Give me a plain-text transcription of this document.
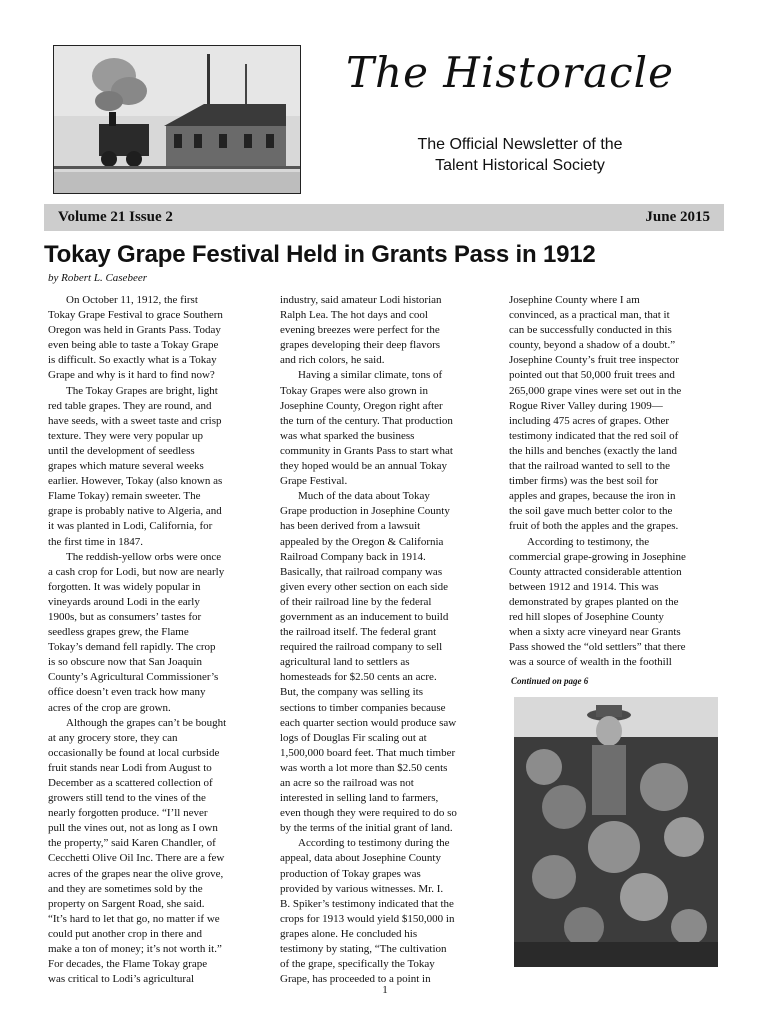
The Historacle
The Official Newsletter of the
Talent Historical Society
Volume 21 Issue 2	June 2015
Tokay Grape Festival Held in Grants Pass in 1912
by Robert L. Casebeer
On October 11, 1912, the first
Tokay Grape Festival to grace Southern
Oregon was held in Grants Pass. Today
even being able to taste a Tokay Grape
is difficult. So exactly what is a Tokay
Grape and why is it hard to find now?
The Tokay Grapes are bright, light
red table grapes. They are round, and
have seeds, with a sweet taste and crisp
texture. They were very popular up
until the development of seedless
grapes which mature several weeks
earlier. However, Tokay (also known as
Flame Tokay) remain sweeter. The
grape is probably native to Algeria, and
it was planted in Lodi, California, for
the first time in 1847.
The reddish-yellow orbs were once
a cash crop for Lodi, but now are nearly
forgotten. It was widely popular in
vineyards around Lodi in the early
1900s, but as consumers’ tastes for
seedless grapes grew, the Flame
Tokay’s demand fell rapidly. The crop
is so obscure now that San Joaquin
County’s Agricultural Commissioner’s
office doesn’t even track how many
acres of the crop are grown.
Although the grapes can’t be bought
at any grocery store, they can
occasionally be found at local curbside
fruit stands near Lodi from August to
December as a scattered collection of
growers still tend to the vines of the
nearly forgotten produce. “I’ll never
pull the vines out, not as long as I own
the property,” said Karen Chandler, of
Cecchetti Olive Oil Inc. There are a few
acres of the grapes near the olive grove,
and they are sometimes sold by the
property on Sargent Road, she said.
“It’s hard to let that go, no matter if we
could put another crop in there and
make a ton of money; it’s not worth it.”
For decades, the Flame Tokay grape
was critical to Lodi’s agricultural
industry, said amateur Lodi historian
Ralph Lea. The hot days and cool
evening breezes were perfect for the
grapes developing their deep flavors
and rich colors, he said.
Having a similar climate, tons of
Tokay Grapes were also grown in
Josephine County, Oregon right after
the turn of the century. That production
was what sparked the business
community in Grants Pass to start what
they hoped would be an annual Tokay
Grape Festival.
Much of the data about Tokay
Grape production in Josephine County
has been derived from a lawsuit
appealed by the Oregon & California
Railroad Company back in 1914.
Basically, that railroad company was
given every other section on each side
of their railroad line by the federal
government as an inducement to build
the railroad itself. The federal grant
required the railroad company to sell
agricultural land to settlers as
homesteads for $2.50 cents an acre.
But, the company was selling its
sections to timber companies because
each quarter section would produce saw
logs of Douglas Fir scaling out at
1,500,000 board feet. That much timber
was worth a lot more than $2.50 cents
an acre so the railroad was not
interested in selling land to farmers,
even though they were required to do so
by the terms of the initial grant of land.
According to testimony during the
appeal, data about Josephine County
production of Tokay grapes was
provided by various witnesses. Mr. I.
B. Spiker’s testimony indicated that the
crops for 1913 would yield $150,000 in
grapes alone. He concluded his
testimony by stating, “The cultivation
of the grape, specifically the Tokay
Grape, has proceeded to a point in
Josephine County where I am
convinced, as a practical man, that it
can be successfully conducted in this
county, beyond a shadow of a doubt.”
Josephine County’s fruit tree inspector
pointed out that 50,000 fruit trees and
265,000 grape vines were set out in the
Rogue River Valley during 1909—
including 475 acres of grapes. Other
testimony indicated that the red soil of
the hills and benches (exactly the land
that the railroad wanted to sell to the
timber firms) was the best soil for
apples and grapes, because the iron in
the soil gave much better color to the
fruit of both the apples and the grapes.
According to testimony, the
commercial grape-growing in Josephine
County attracted considerable attention
between 1912 and 1914. This was
demonstrated by grapes planted on the
red hill slopes of Josephine County
when a sixty acre vineyard near Grants
Pass showed the “old settlers” that there
was a source of wealth in the foothill
Continued on page 6
1
